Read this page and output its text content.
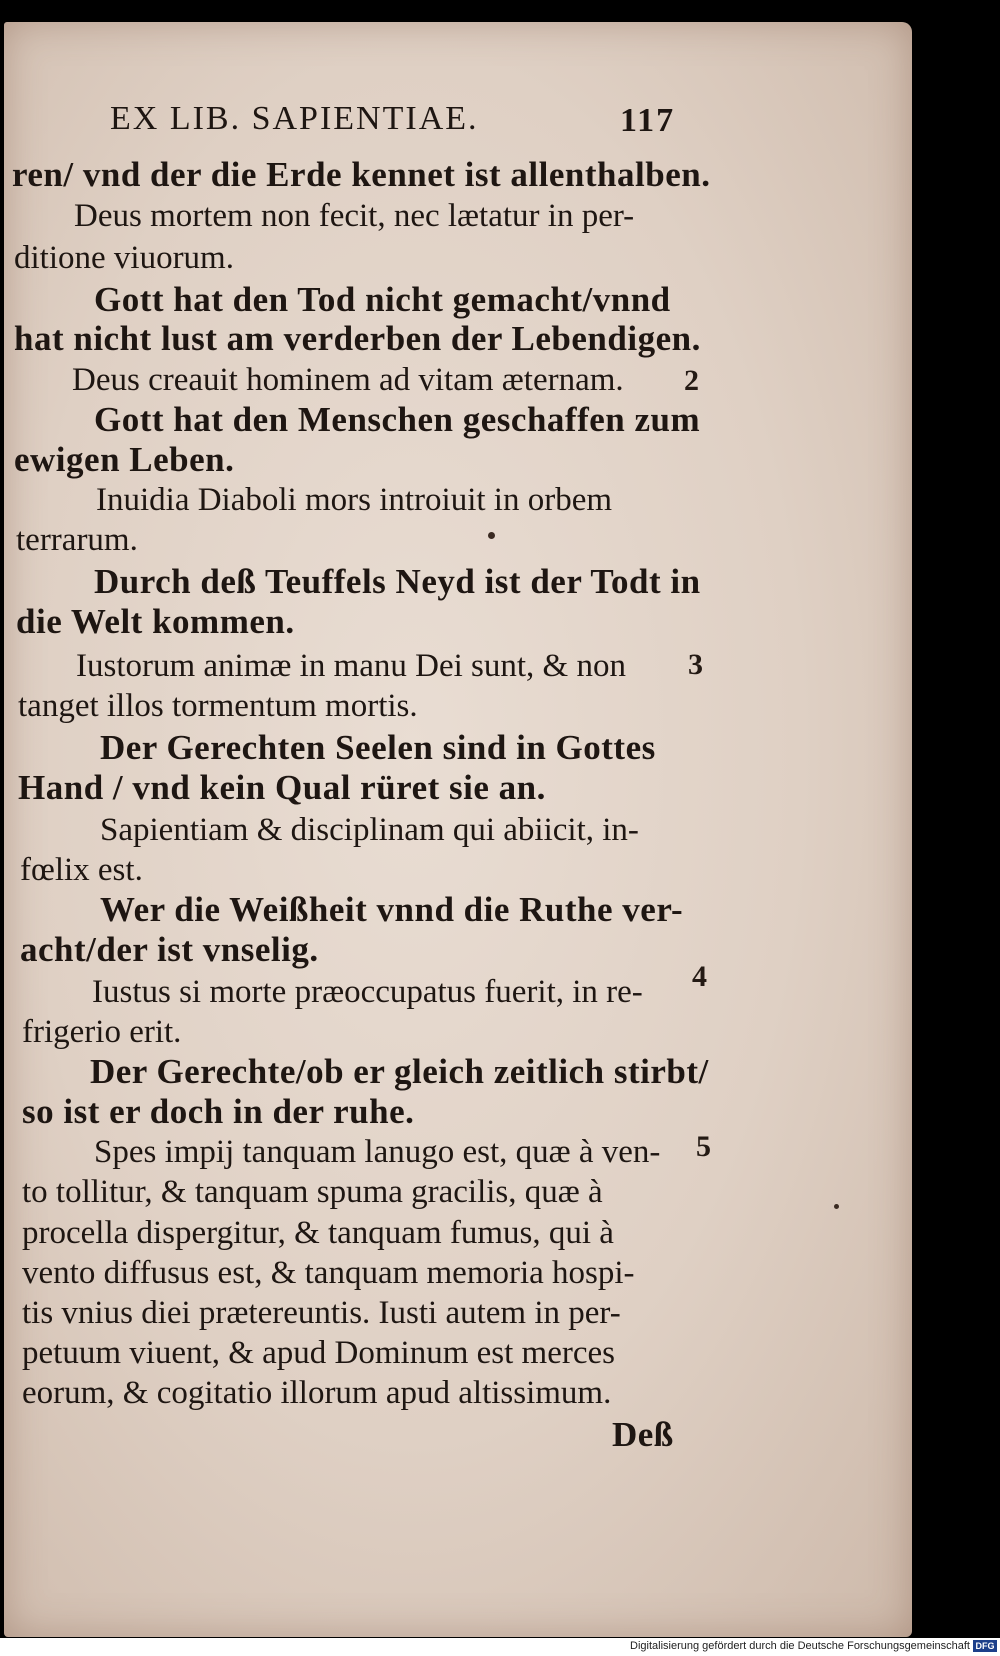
EX LIB. SAPIENTIAE.	117
ren/ vnd der die Erde kennet ist allenthalben.
Deus mortem non fecit, nec lætatur in per-
ditione viuorum.
Gott hat den Tod nicht gemacht/vnnd
hat nicht lust am verderben der Lebendigen.
Deus creauit hominem ad vitam æternam.
Gott hat den Menschen geschaffen zum
ewigen Leben.
Inuidia Diaboli mors introiuit in orbem
terrarum.
Durch deß Teuffels Neyd ist der Todt in
die Welt kommen.
Iustorum animæ in manu Dei sunt, & non
tanget illos tormentum mortis.
Der Gerechten Seelen sind in Gottes
Hand / vnd kein Qual rüret sie an.
Sapientiam & disciplinam qui abiicit, in-
fœlix est.
Wer die Weißheit vnnd die Ruthe ver-
acht/der ist vnselig.
Iustus si morte præoccupatus fuerit, in re-
frigerio erit.
Der Gerechte/ob er gleich zeitlich stirbt/
so ist er doch in der ruhe.
Spes impij tanquam lanugo est, quæ à ven-
to tollitur, & tanquam spuma gracilis, quæ à
procella dispergitur, & tanquam fumus, qui à
vento diffusus est, & tanquam memoria hospi-
tis vnius diei prætereuntis. Iusti autem in per-
petuum viuent, & apud Dominum est merces
eorum, & cogitatio illorum apud altissimum.
Deß
2
3
4
5
Digitalisierung gefördert durch die Deutsche Forschungsgemeinschaft DFG
